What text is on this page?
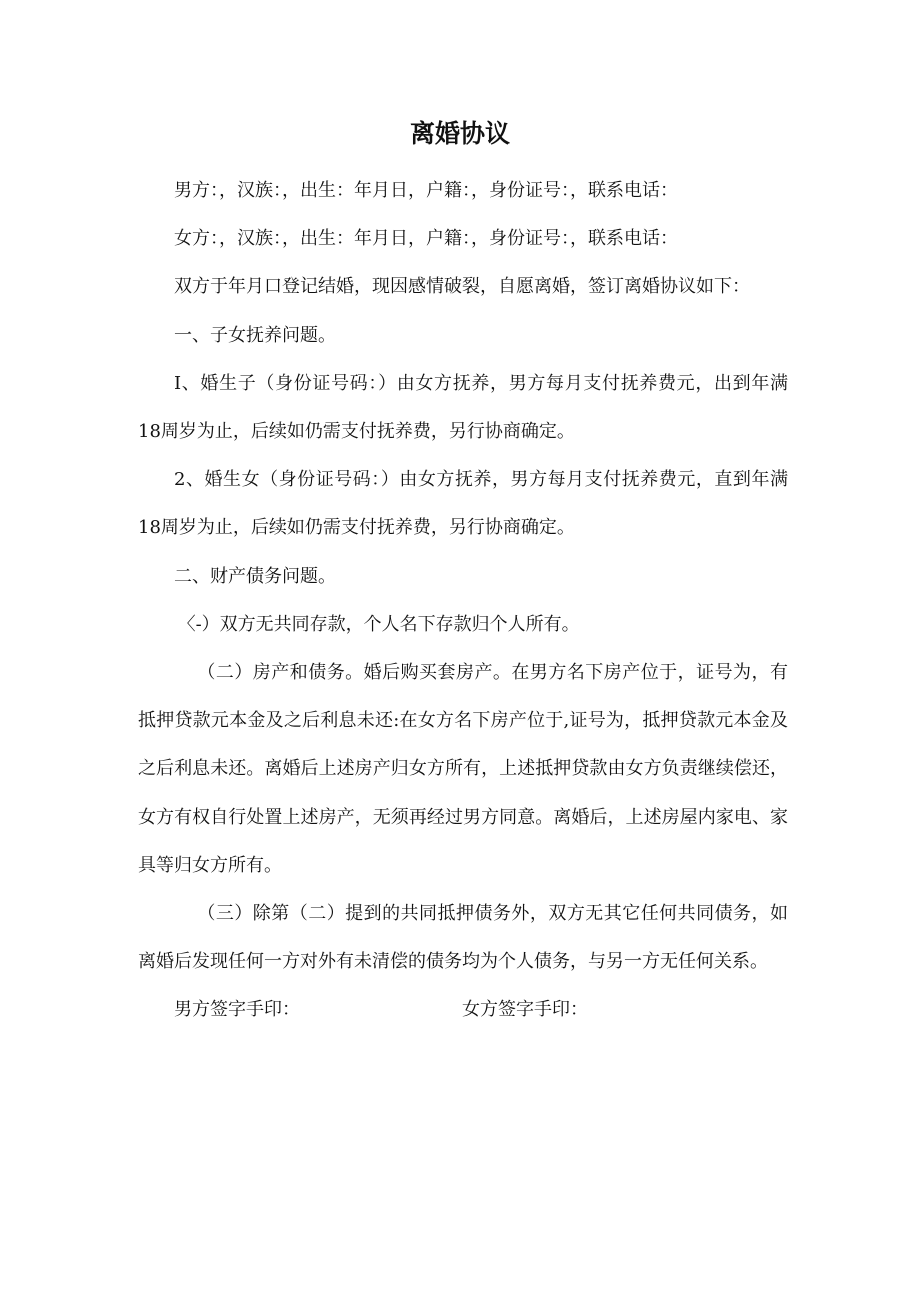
离婚协议

男方：，汉族：，出生：年月日，户籍：，身份证号：，联系电话：

女方：，汉族：，出生：年月日，户籍：，身份证号：，联系电话：

双方于年月口登记结婚，现因感情破裂，自愿离婚，签订离婚协议如下：

一、子女抚养问题。

I、婚生子（身份证号码：）由女方抚养，男方每月支付抚养费元，出到年满18周岁为止，后续如仍需支付抚养费，另行协商确定。

2、婚生女（身份证号码：）由女方抚养，男方每月支付抚养费元，直到年满18周岁为止，后续如仍需支付抚养费，另行协商确定。

二、财产债务问题。

〈-）双方无共同存款，个人名下存款归个人所有。

（二）房产和债务。婚后购买套房产。在男方名下房产位于，证号为，有抵押贷款元本金及之后利息未还:在女方名下房产位于,证号为，抵押贷款元本金及之后利息未还。离婚后上述房产归女方所有，上述抵押贷款由女方负责继续偿还，女方有权自行处置上述房产，无须再经过男方同意。离婚后，上述房屋内家电、家具等归女方所有。

（三）除第（二）提到的共同抵押债务外，双方无其它任何共同债务，如离婚后发现任何一方对外有未清偿的债务均为个人债务，与另一方无任何关系。

男方签字手印：	女方签字手印：
